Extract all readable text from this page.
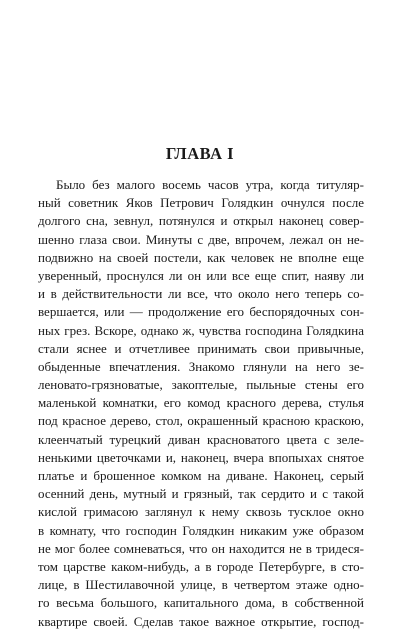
ГЛАВА I
Было без малого восемь часов утра, когда титуляр-
ный советник Яков Петрович Голядкин очнулся после
долгого сна, зевнул, потянулся и открыл наконец совер-
шенно глаза свои. Минуты с две, впрочем, лежал он не-
подвижно на своей постели, как человек не вполне еще
уверенный, проснулся ли он или все еще спит, наяву ли
и в действительности ли все, что около него теперь со-
вершается, или — продолжение его беспорядочных сон-
ных грез. Вскоре, однако ж, чувства господина Голядкина
стали яснее и отчетливее принимать свои привычные,
обыденные впечатления. Знакомо глянули на него зе-
леновато-грязноватые, закоптелые, пыльные стены его
маленькой комнатки, его комод красного дерева, стулья
под красное дерево, стол, окрашенный красною краскою,
клеенчатый турецкий диван красноватого цвета с зеле-
ненькими цветочками и, наконец, вчера впопыхах снятое
платье и брошенное комком на диване. Наконец, серый
осенний день, мутный и грязный, так сердито и с такой
кислой гримасою заглянул к нему сквозь тусклое окно
в комнату, что господин Голядкин никаким уже образом
не мог более сомневаться, что он находится не в тридеся-
том царстве каком-нибудь, а в городе Петербурге, в сто-
лице, в Шестилавочной улице, в четвертом этаже одно-
го весьма большого, капитального дома, в собственной
квартире своей. Сделав такое важное открытие, господ-
